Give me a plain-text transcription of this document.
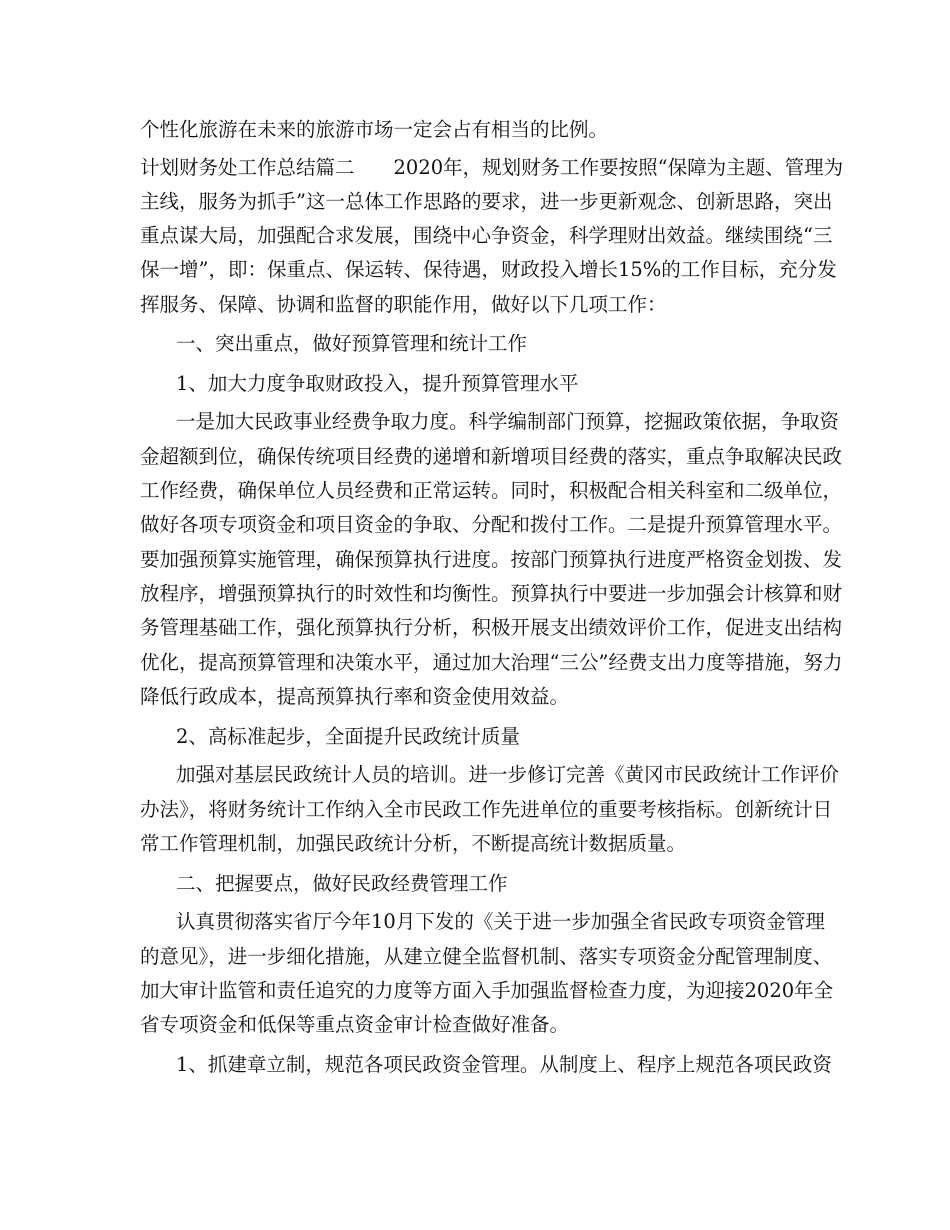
个性化旅游在未来的旅游市场一定会占有相当的比例。

计划财务处工作总结篇二　　2020年，规划财务工作要按照“保障为主题、管理为

主线，服务为抓手”这一总体工作思路的要求，进一步更新观念、创新思路，突出

重点谋大局，加强配合求发展，围绕中心争资金，科学理财出效益。继续围绕“三

保一增”，即：保重点、保运转、保待遇，财政投入增长15%的工作目标，充分发

挥服务、保障、协调和监督的职能作用，做好以下几项工作：

一、突出重点，做好预算管理和统计工作

1、加大力度争取财政投入，提升预算管理水平

一是加大民政事业经费争取力度。科学编制部门预算，挖掘政策依据，争取资

金超额到位，确保传统项目经费的递增和新增项目经费的落实，重点争取解决民政

工作经费，确保单位人员经费和正常运转。同时，积极配合相关科室和二级单位，

做好各项专项资金和项目资金的争取、分配和拨付工作。二是提升预算管理水平。

要加强预算实施管理，确保预算执行进度。按部门预算执行进度严格资金划拨、发

放程序，增强预算执行的时效性和均衡性。预算执行中要进一步加强会计核算和财

务管理基础工作，强化预算执行分析，积极开展支出绩效评价工作，促进支出结构

优化，提高预算管理和决策水平，通过加大治理“三公”经费支出力度等措施，努力

降低行政成本，提高预算执行率和资金使用效益。

2、高标准起步，全面提升民政统计质量

加强对基层民政统计人员的培训。进一步修订完善《黄冈市民政统计工作评价

办法》，将财务统计工作纳入全市民政工作先进单位的重要考核指标。创新统计日

常工作管理机制，加强民政统计分析，不断提高统计数据质量。

二、把握要点，做好民政经费管理工作

认真贯彻落实省厅今年10月下发的《关于进一步加强全省民政专项资金管理

的意见》，进一步细化措施，从建立健全监督机制、落实专项资金分配管理制度、

加大审计监管和责任追究的力度等方面入手加强监督检查力度，为迎接2020年全

省专项资金和低保等重点资金审计检查做好准备。

1、抓建章立制，规范各项民政资金管理。从制度上、程序上规范各项民政资
